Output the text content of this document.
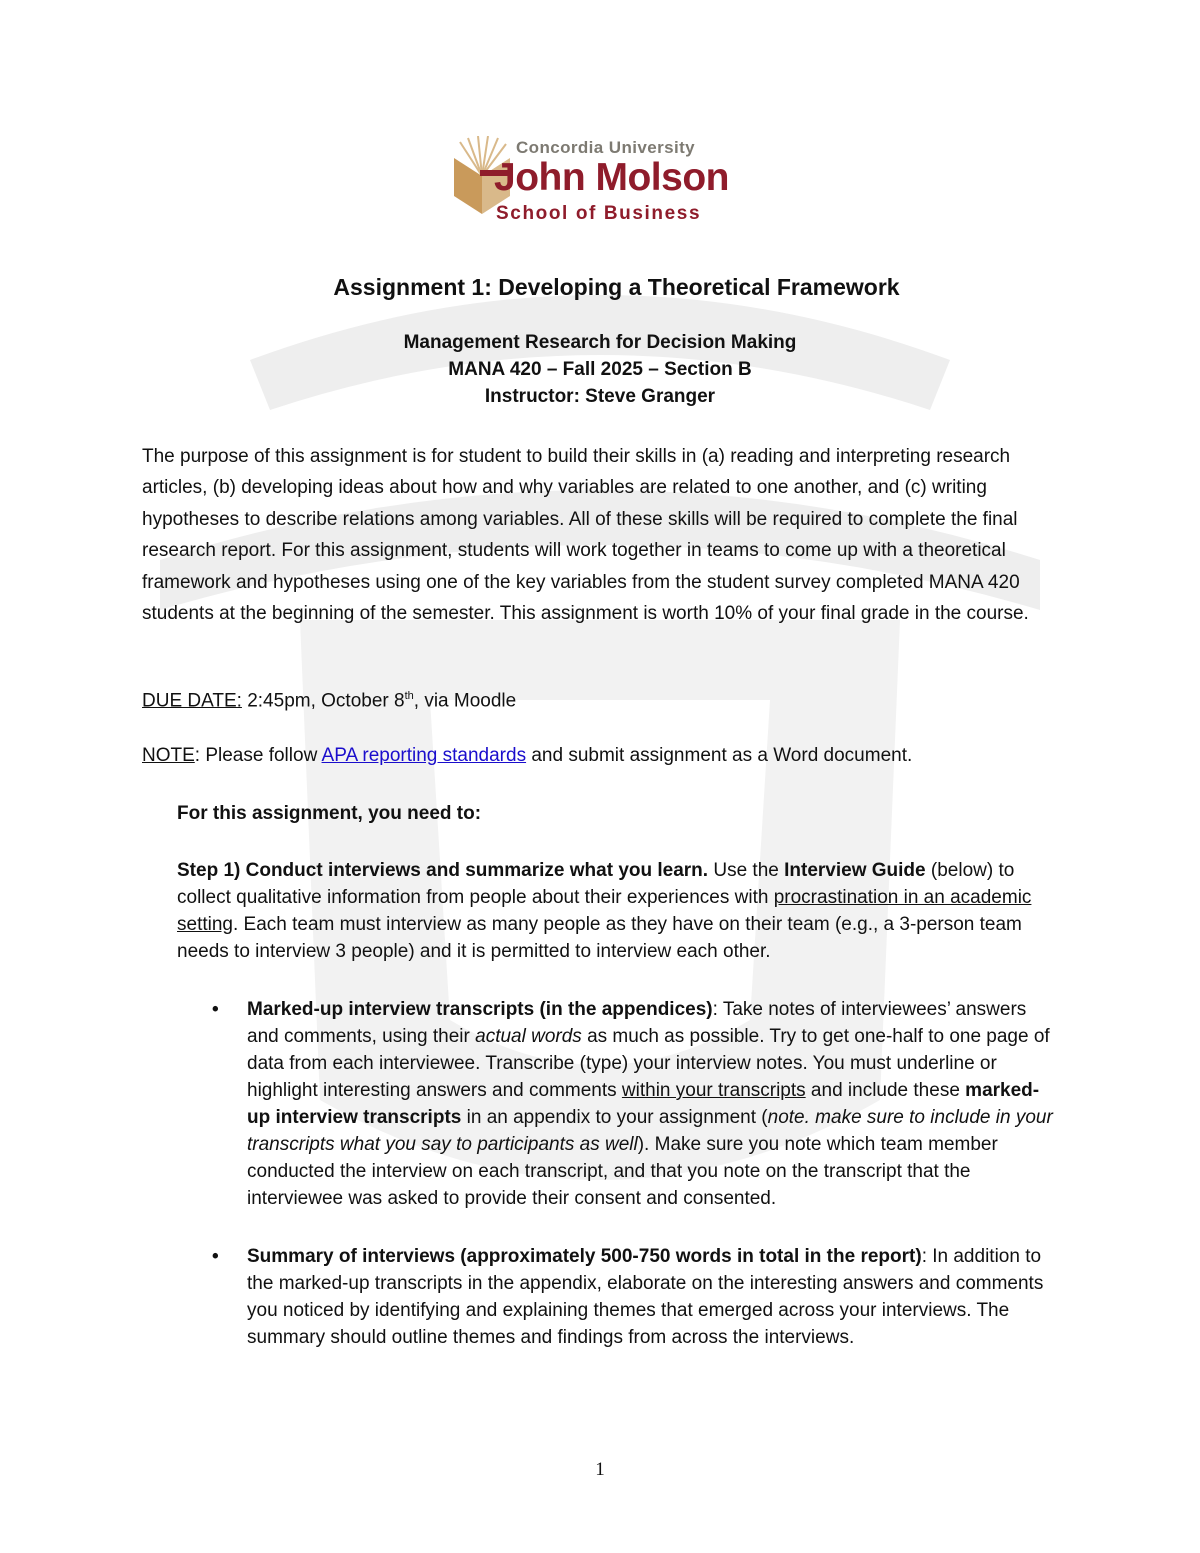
Concordia University
John Molson
School of Business
Assignment 1: Developing a Theoretical Framework
Management Research for Decision Making
MANA 420 – Fall 2025 – Section B
Instructor: Steve Granger
The purpose of this assignment is for student to build their skills in (a) reading and interpreting research articles, (b) developing ideas about how and why variables are related to one another, and (c) writing hypotheses to describe relations among variables. All of these skills will be required to complete the final research report. For this assignment, students will work together in teams to come up with a theoretical framework and hypotheses using one of the key variables from the student survey completed MANA 420 students at the beginning of the semester. This assignment is worth 10% of your final grade in the course.
DUE DATE: 2:45pm, October 8th, via Moodle
NOTE: Please follow APA reporting standards and submit assignment as a Word document.
For this assignment, you need to:
Step 1) Conduct interviews and summarize what you learn. Use the Interview Guide (below) to collect qualitative information from people about their experiences with procrastination in an academic setting. Each team must interview as many people as they have on their team (e.g., a 3-person team needs to interview 3 people) and it is permitted to interview each other.
• Marked-up interview transcripts (in the appendices): Take notes of interviewees’ answers and comments, using their actual words as much as possible. Try to get one-half to one page of data from each interviewee. Transcribe (type) your interview notes. You must underline or highlight interesting answers and comments within your transcripts and include these marked-up interview transcripts in an appendix to your assignment (note. make sure to include in your transcripts what you say to participants as well). Make sure you note which team member conducted the interview on each transcript, and that you note on the transcript that the interviewee was asked to provide their consent and consented.
• Summary of interviews (approximately 500-750 words in total in the report): In addition to the marked-up transcripts in the appendix, elaborate on the interesting answers and comments you noticed by identifying and explaining themes that emerged across your interviews. The summary should outline themes and findings from across the interviews.
1
